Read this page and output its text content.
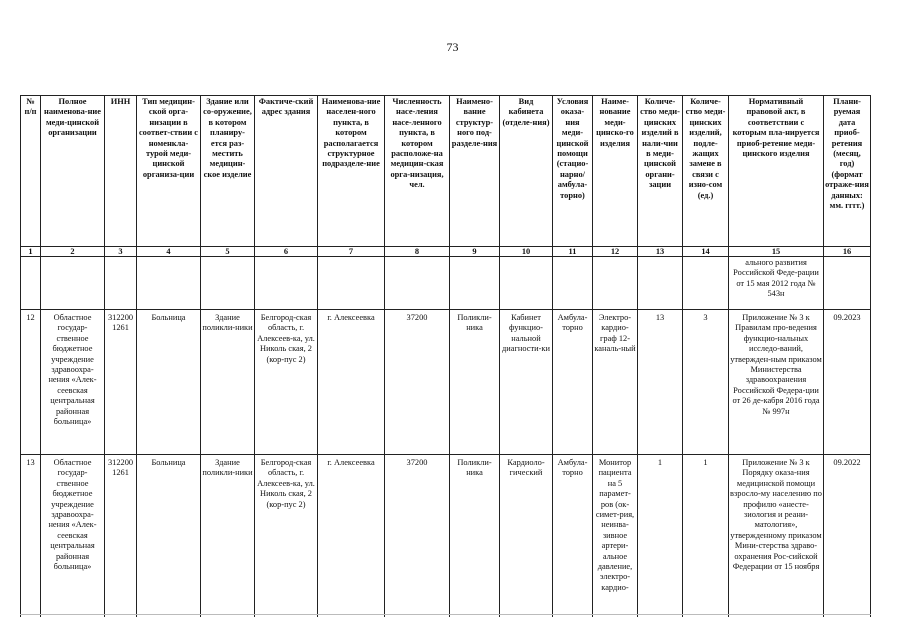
73
№ п/п	Полное наименова-ние меди-цинской организации	ИНН	Тип медицин-ской орга-низации в соответ-ствии с номенкла-турой меди-цинской организа-ции	Здание или со-оружение, в котором планиру-ется раз-местить медицин-ское изделие	Фактиче-ский адрес здания	Наименова-ние населен-ного пункта, в котором располагается структурное подразделе-ние	Численность насе-ления насе-ленного пункта, в котором расположе-на медицин-ская орга-низация, чел.	Наимено-вание структур-ного под-разделе-ния	Вид кабинета (отделе-ния)	Условия оказа-ния меди-цинской помощи (стацио-нарно/ амбула-торно)	Наиме-нование меди-цинско-го изделия	Количе-ство меди-цинских изделий в нали-чии в меди-цинской органи-зации	Количе-ство меди-цинских изделий, подле-жащих замене в связи с изно-сом (ед.)	Нормативный правовой акт, в соответствии с которым пла-нируется приоб-ретение меди-цинского изделия	Плани-руемая дата приоб-ретения (месяц, год) (формат отраже-ния данных: мм. гггг.)
1	2	3	4	5	6	7	8	9	10	11	12	13	14	15	16
														ального развития Российской Феде-рации от 15 мая 2012 года № 543н	
12	Областное государ-ственное бюджетное учреждение здравоохра-нения «Алек-сеевская центральная районная больница»	312200 1261	Больница	Здание поликли-ники	Белгород-ская область, г. Алексеев-ка, ул. Николь ская, 2 (кор-пус 2)	г. Алексеевка	37200	Поликли-ника	Кабинет функцио-нальной диагности-ки	Амбула-торно	Электро-кардио-граф 12-каналь-ный	13	3	Приложение № 3 к Правилам про-ведения функцио-нальных исследо-ваний, утвержден-ным приказом Министерства здравоохранения Российской Федера-ции от 26 де-кабря 2016 года № 997н	09.2023
13	Областное государ-ственное бюджетное учреждение здравоохра-нения «Алек-сеевская центральная районная больница»	312200 1261	Больница	Здание поликли-ники	Белгород-ская область, г. Алексеев-ка, ул. Николь ская, 2 (кор-пус 2)	г. Алексеевка	37200	Поликли-ника	Кардиоло-гический	Амбула-торно	Монитор пациента на 5 парамет-ров (ок-симет-рия, неинва-зивное артери-альное давление, электро-кардио-	1	1	Приложение № 3 к Порядку оказа-ния медицинской помощи взросло-му населению по профилю «анесте-зиология и реани-матология», утвержденному приказом Мини-стерства здраво-охранения Рос-сийской Федерации от 15 ноября	09.2022
